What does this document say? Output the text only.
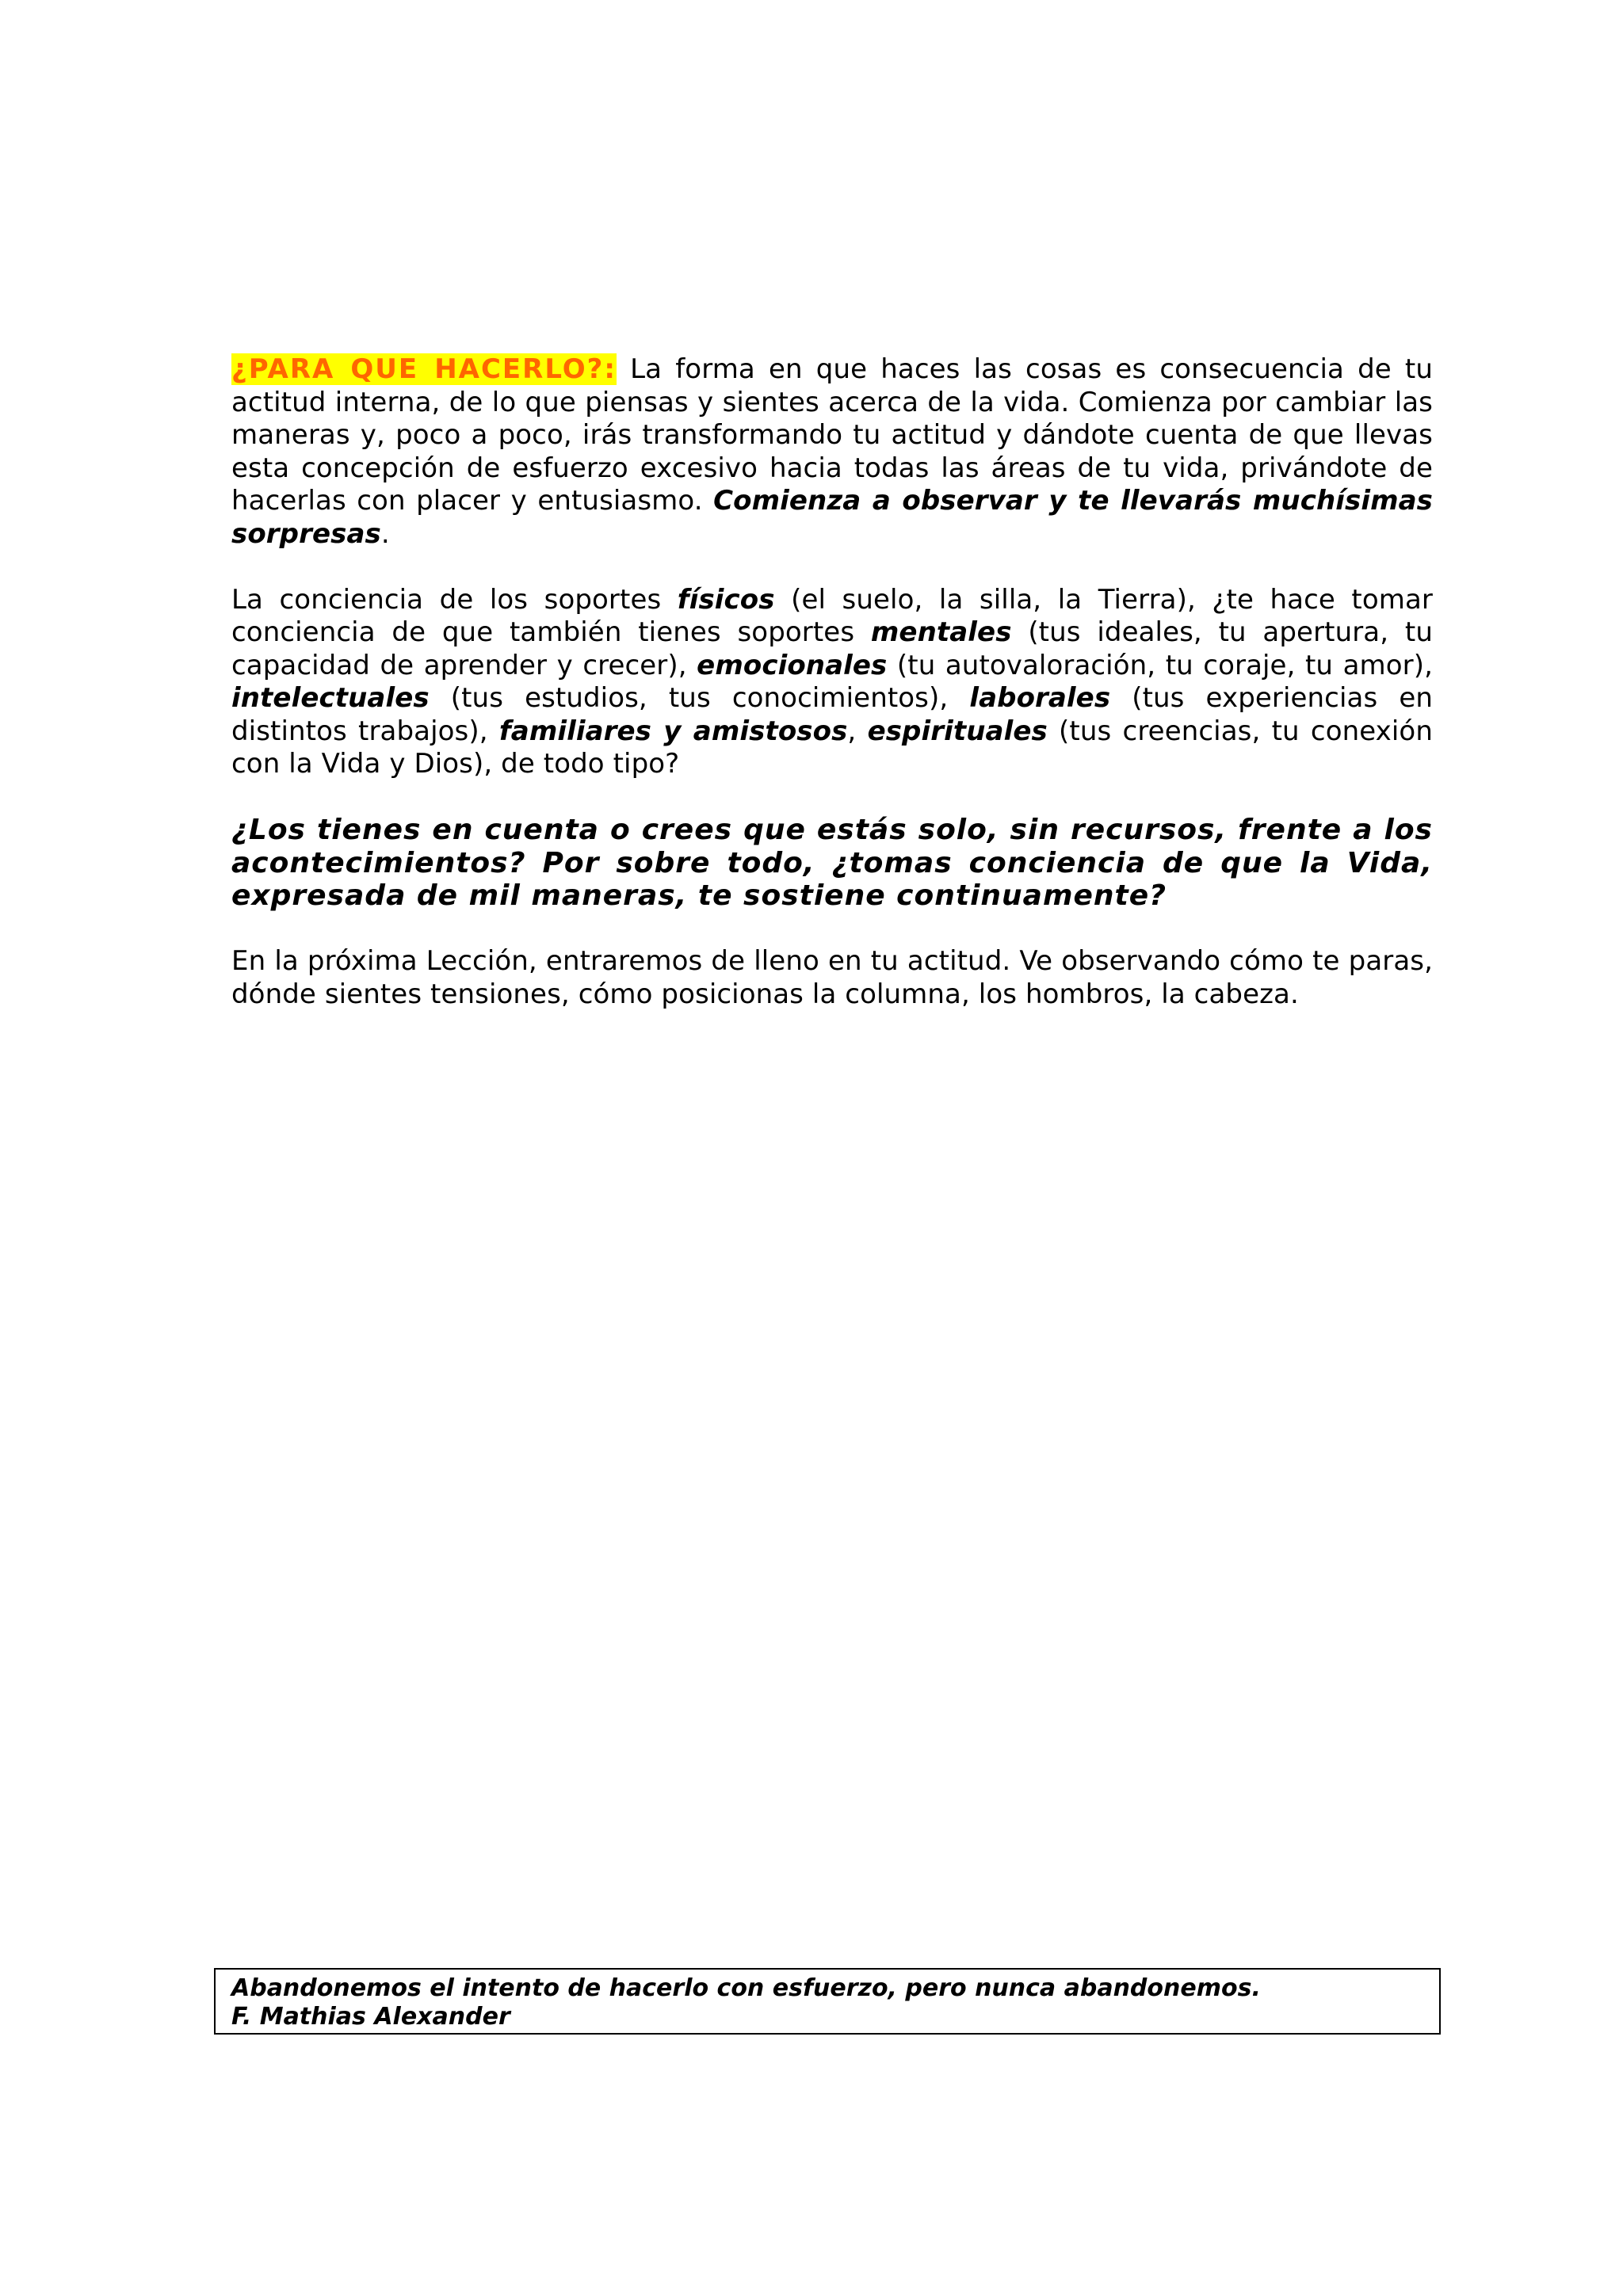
¿PARA QUE HACERLO?: La forma en que haces las cosas es consecuencia de tu actitud interna, de lo que piensas y sientes acerca de la vida. Comienza por cambiar las maneras y, poco a poco, irás transformando tu actitud y dándote cuenta de que llevas esta concepción de esfuerzo excesivo hacia todas las áreas de tu vida, privándote de hacerlas con placer y entusiasmo. Comienza a observar y te llevarás muchísimas sorpresas.

La conciencia de los soportes físicos (el suelo, la silla, la Tierra), ¿te hace tomar conciencia de que también tienes soportes mentales (tus ideales, tu apertura, tu capacidad de aprender y crecer), emocionales (tu autovaloración, tu coraje, tu amor), intelectuales (tus estudios, tus conocimientos), laborales (tus experiencias en distintos trabajos), familiares y amistosos, espirituales (tus creencias, tu conexión con la Vida y Dios), de todo tipo?

¿Los tienes en cuenta o crees que estás solo, sin recursos, frente a los acontecimientos? Por sobre todo, ¿tomas conciencia de que la Vida, expresada de mil maneras, te sostiene continuamente?

En la próxima Lección, entraremos de lleno en tu actitud. Ve observando cómo te paras, dónde sientes tensiones, cómo posicionas la columna, los hombros, la cabeza.

Abandonemos el intento de hacerlo con esfuerzo, pero nunca abandonemos.

F. Mathias Alexander
